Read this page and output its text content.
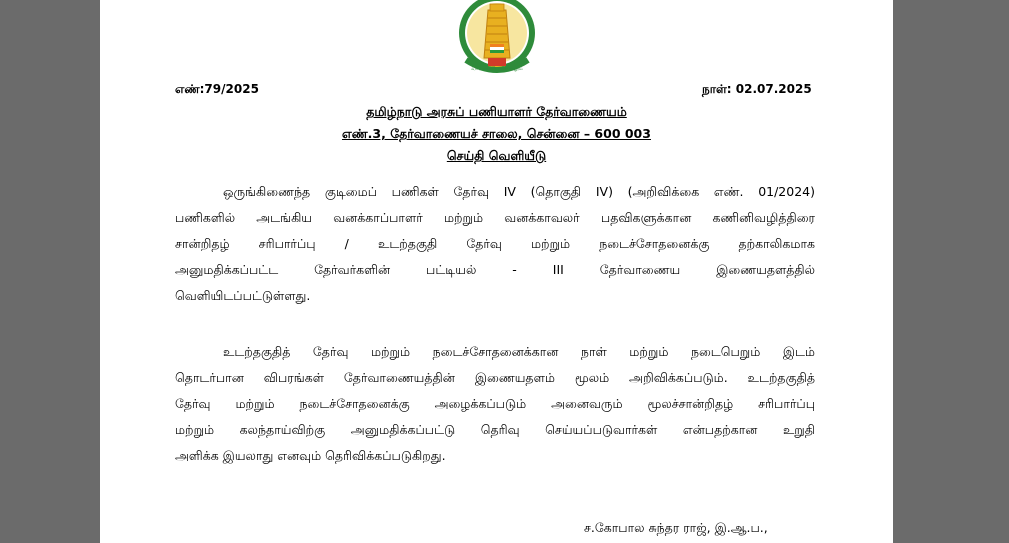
வாய்மையே வெல்லும்
எண்:79/2025	நாள்: 02.07.2025
தமிழ்நாடு அரசுப் பணியாளர் தேர்வாணையம்
எண்.3, தேர்வாணையச் சாலை, சென்னை – 600 003
செய்தி வெளியீடு
ஒருங்கிணைந்த குடிமைப் பணிகள் தேர்வு IV (தொகுதி IV) (அறிவிக்கை எண். 01/2024)
பணிகளில் அடங்கிய வனக்காப்பாளர் மற்றும் வனக்காவலர் பதவிகளுக்கான கணினிவழித்திரை
சான்றிதழ் சரிபார்ப்பு / உடற்தகுதி தேர்வு மற்றும் நடைச்சோதனைக்கு தற்காலிகமாக
அனுமதிக்கப்பட்ட தேர்வர்களின் பட்டியல் - III தேர்வாணைய இணையதளத்தில்
வெளியிடப்பட்டுள்ளது.
உடற்தகுதித் தேர்வு மற்றும் நடைச்சோதனைக்கான நாள் மற்றும் நடைபெறும் இடம்
தொடர்பான விபரங்கள் தேர்வாணையத்தின் இணையதளம் மூலம் அறிவிக்கப்படும். உடற்தகுதித்
தேர்வு மற்றும் நடைச்சோதனைக்கு அழைக்கப்படும் அனைவரும் மூலச்சான்றிதழ் சரிபார்ப்பு
மற்றும் கலந்தாய்விற்கு அனுமதிக்கப்பட்டு தெரிவு செய்யப்படுவார்கள் என்பதற்கான உறுதி
அளிக்க இயலாது எனவும் தெரிவிக்கப்படுகிறது.
ச.கோபால சுந்தர ராஜ், இ.ஆ.ப.,
